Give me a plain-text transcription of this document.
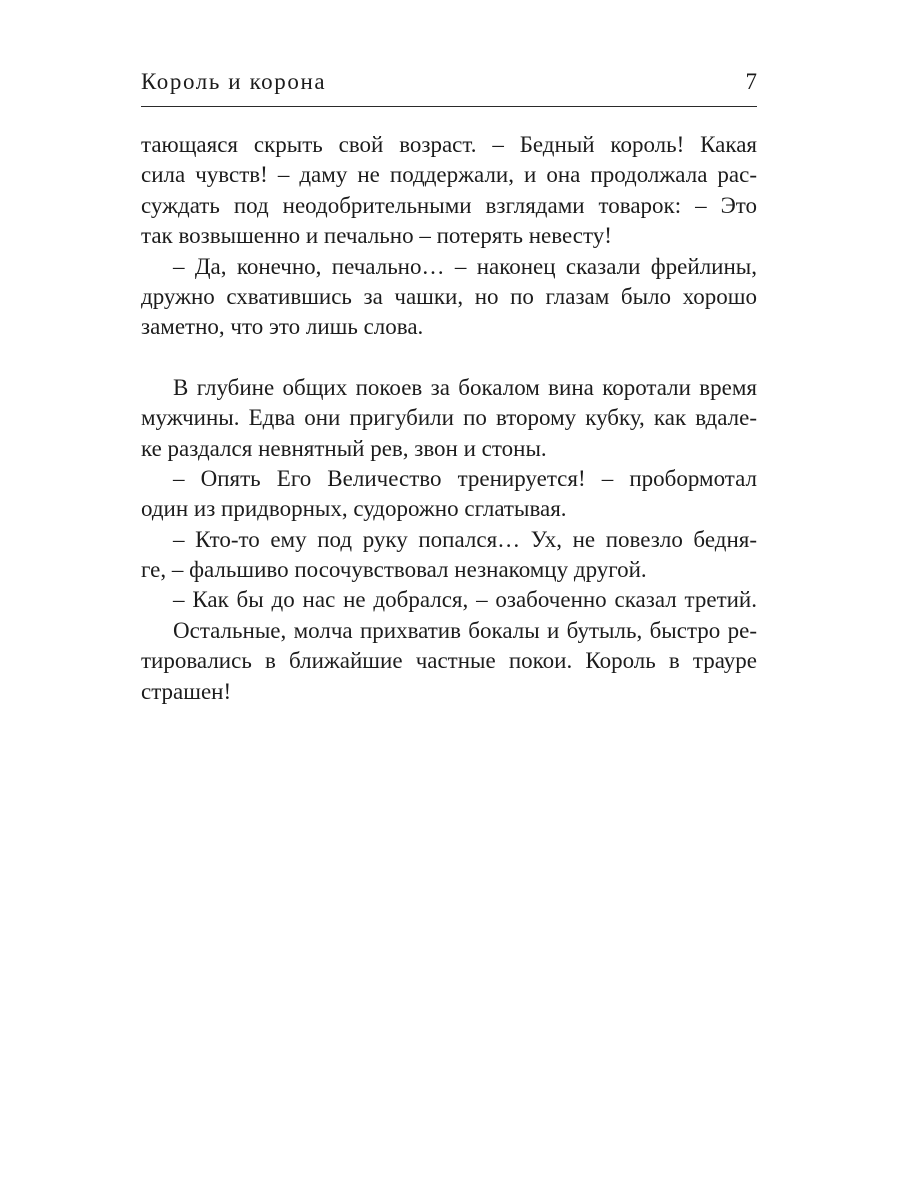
Король и корона	7
тающаяся скрыть свой возраст. – Бедный король! Какая
сила чувств! – даму не поддержали, и она продолжала рас-
суждать под неодобрительными взглядами товарок: – Это
так возвышенно и печально – потерять невесту!
– Да, конечно, печально… – наконец сказали фрейлины,
дружно схватившись за чашки, но по глазам было хорошо
заметно, что это лишь слова.
В глубине общих покоев за бокалом вина коротали время
мужчины. Едва они пригубили по второму кубку, как вдале-
ке раздался невнятный рев, звон и стоны.
– Опять Его Величество тренируется! – пробормотал
один из придворных, судорожно сглатывая.
– Кто-то ему под руку попался… Ух, не повезло бедня-
ге, – фальшиво посочувствовал незнакомцу другой.
– Как бы до нас не добрался, – озабоченно сказал третий.
Остальные, молча прихватив бокалы и бутыль, быстро ре-
тировались в ближайшие частные покои. Король в трауре
страшен!
